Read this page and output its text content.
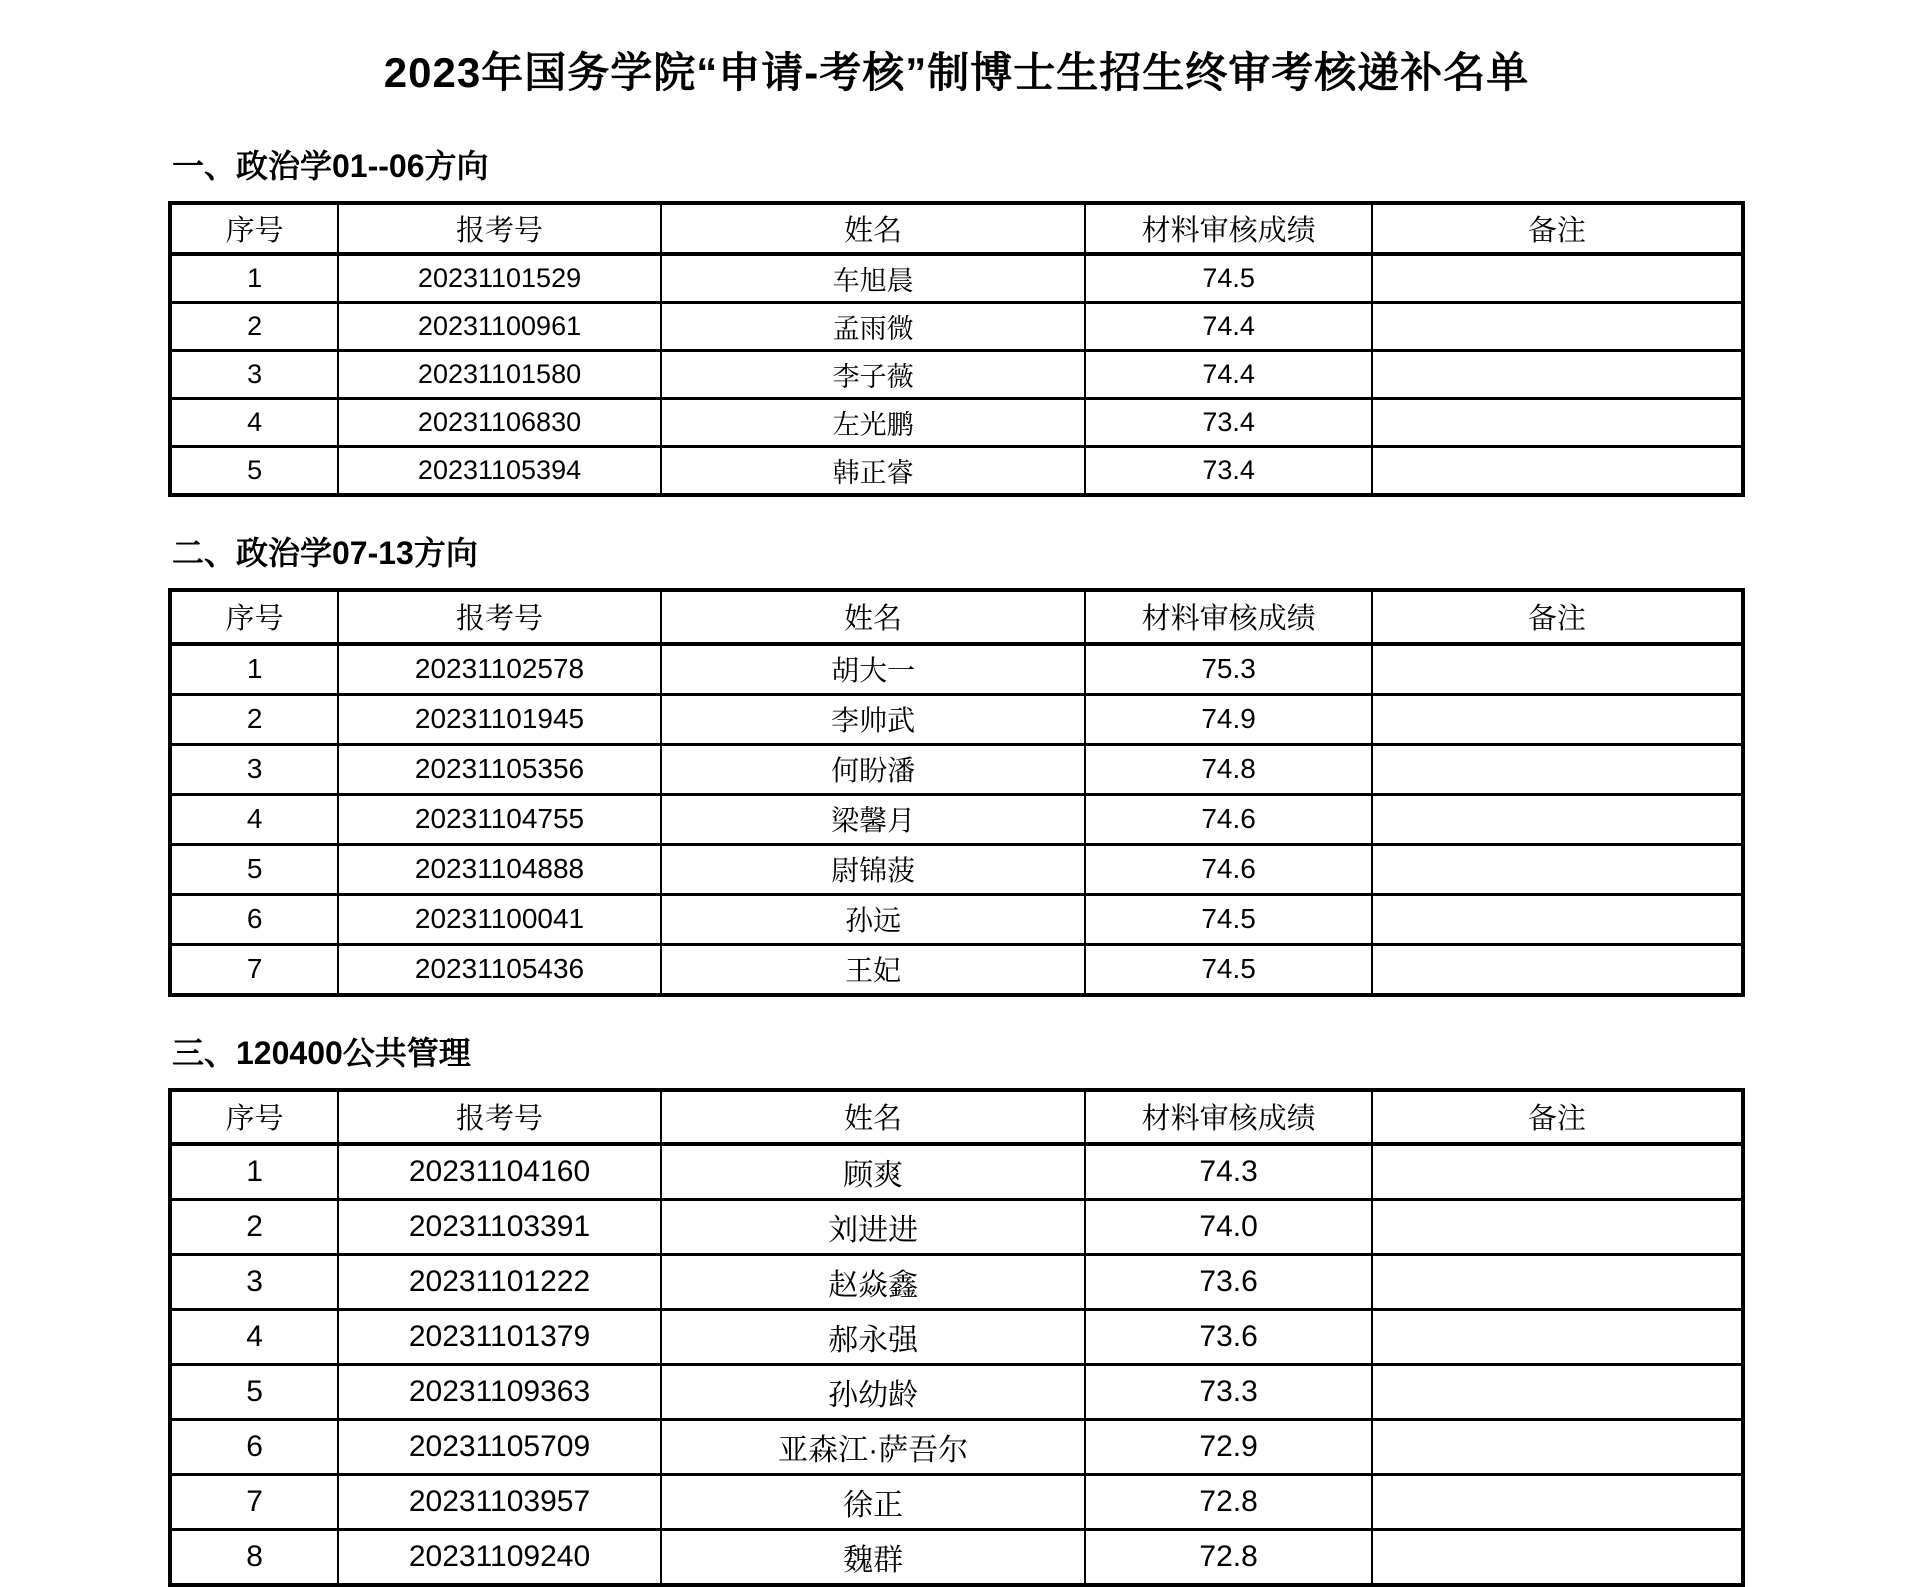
2023年国务学院“申请-考核”制博士生招生终审考核递补名单
一、政治学01--06方向
序号	报考号	姓名	材料审核成绩	备注
1	20231101529	车旭晨	74.5	
2	20231100961	孟雨微	74.4	
3	20231101580	李子薇	74.4	
4	20231106830	左光鹏	73.4	
5	20231105394	韩正睿	73.4	
二、政治学07-13方向
序号	报考号	姓名	材料审核成绩	备注
1	20231102578	胡大一	75.3	
2	20231101945	李帅武	74.9	
3	20231105356	何盼潘	74.8	
4	20231104755	梁馨月	74.6	
5	20231104888	尉锦菠	74.6	
6	20231100041	孙远	74.5	
7	20231105436	王妃	74.5	
三、120400公共管理
序号	报考号	姓名	材料审核成绩	备注
1	20231104160	顾爽	74.3	
2	20231103391	刘进进	74.0	
3	20231101222	赵焱鑫	73.6	
4	20231101379	郝永强	73.6	
5	20231109363	孙幼龄	73.3	
6	20231105709	亚森江·萨吾尔	72.9	
7	20231103957	徐正	72.8	
8	20231109240	魏群	72.8	
